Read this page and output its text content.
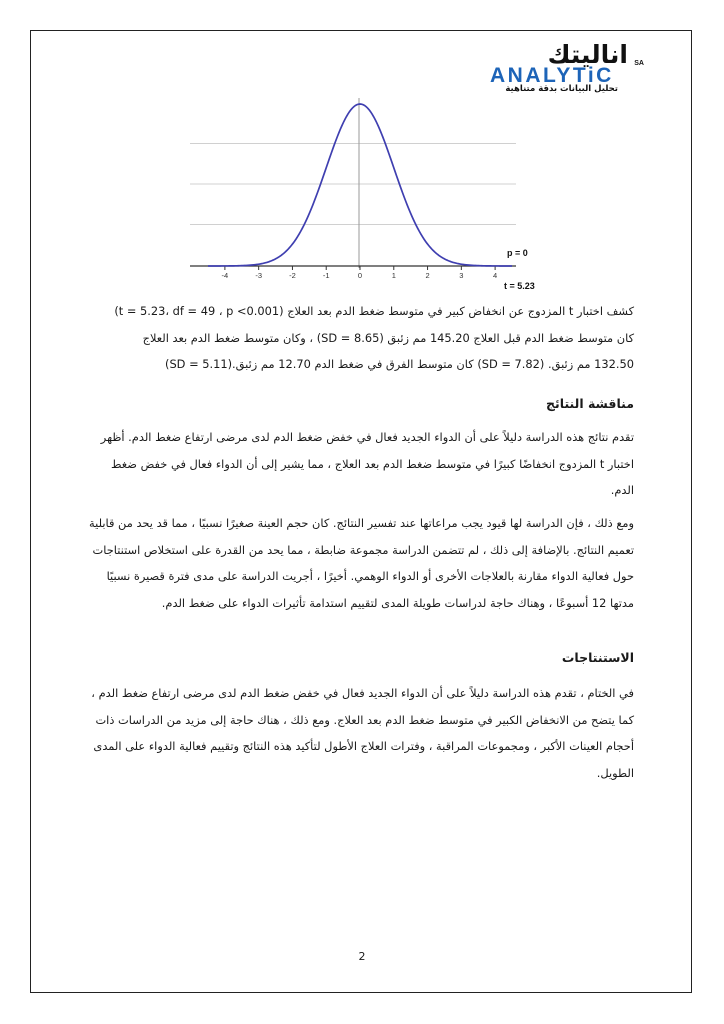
اناليتك
ANALYTiC
SA
تحليل البيانات بدقة متناهية
-4	-3	-2	-1	0	1	2	3	4
p = 0
t = 5.23
كشف اختبار t المزدوج عن انخفاض كبير في متوسط ضغط الدم بعد العلاج (t = 5.23، df = 49 ، p <0.001)
كان متوسط ضغط الدم قبل العلاج 145.20 مم زئبق (SD = 8.65) ، وكان متوسط ضغط الدم بعد العلاج
132.50 مم زئبق. (SD = 7.82) كان متوسط الفرق في ضغط الدم 12.70 مم زئبق.(SD = 5.11)
مناقشة النتائج
تقدم نتائج هذه الدراسة دليلاً على أن الدواء الجديد فعال في خفض ضغط الدم لدى مرضى ارتفاع ضغط الدم. أظهر اختبار t المزدوج انخفاضًا كبيرًا في متوسط ضغط الدم بعد العلاج ، مما يشير إلى أن الدواء فعال في خفض ضغط الدم.
ومع ذلك ، فإن الدراسة لها قيود يجب مراعاتها عند تفسير النتائج. كان حجم العينة صغيرًا نسبيًا ، مما قد يحد من قابلية تعميم النتائج. بالإضافة إلى ذلك ، لم تتضمن الدراسة مجموعة ضابطة ، مما يحد من القدرة على استخلاص استنتاجات حول فعالية الدواء مقارنة بالعلاجات الأخرى أو الدواء الوهمي. أخيرًا ، أجريت الدراسة على مدى فترة قصيرة نسبيًا مدتها 12 أسبوعًا ، وهناك حاجة لدراسات طويلة المدى لتقييم استدامة تأثيرات الدواء على ضغط الدم.
الاستنتاجات
في الختام ، تقدم هذه الدراسة دليلاً على أن الدواء الجديد فعال في خفض ضغط الدم لدى مرضى ارتفاع ضغط الدم ، كما يتضح من الانخفاض الكبير في متوسط ضغط الدم بعد العلاج. ومع ذلك ، هناك حاجة إلى مزيد من الدراسات ذات أحجام العينات الأكبر ، ومجموعات المراقبة ، وفترات العلاج الأطول لتأكيد هذه النتائج وتقييم فعالية الدواء على المدى الطويل.
2
